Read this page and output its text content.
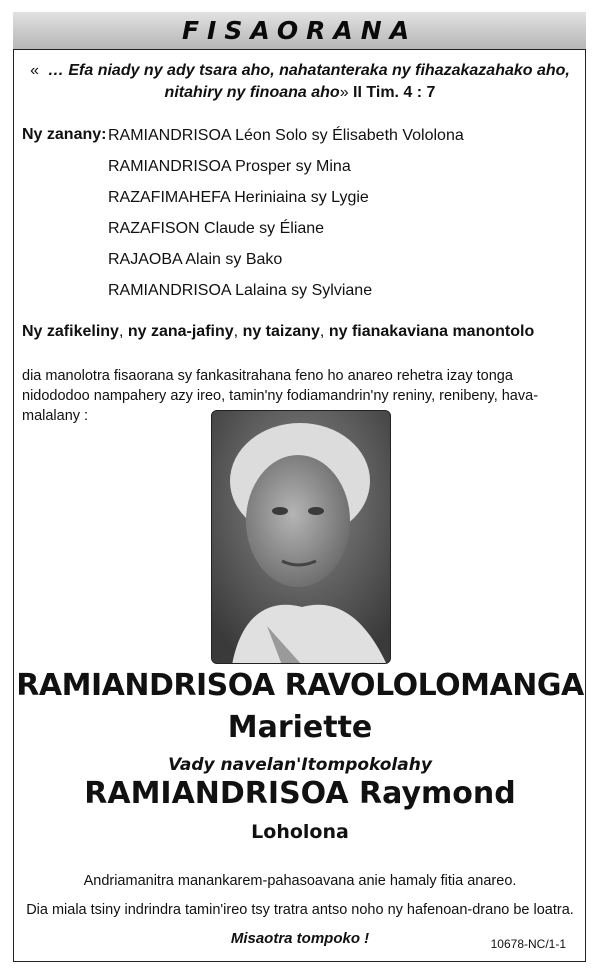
FISAORANA
« … Efa niady ny ady tsara aho, nahatanteraka ny fihazakazahako aho,
nitahiry ny finoana aho» II Tim. 4 : 7
Ny zanany: RAMIANDRISOA Léon Solo sy Élisabeth Vololona
RAMIANDRISOA Prosper sy Mina
RAZAFIMAHEFA Heriniaina sy Lygie
RAZAFISON Claude sy Éliane
RAJAOBA Alain sy Bako
RAMIANDRISOA Lalaina sy Sylviane
Ny zafikeliny, ny zana-jafiny, ny taizany, ny fianakaviana manontolo
dia manolotra fisaorana sy fankasitrahana feno ho anareo rehetra izay tonga nidododoo nampahery azy ireo, tamin'ny fodiamandrin'ny reniny, renibeny, hava-malalany :
RAMIANDRISOA RAVOLOLOMANGA
Mariette
Vady navelan'Itompokolahy
RAMIANDRISOA Raymond
Loholona
Andriamanitra manankarem-pahasoavana anie hamaly fitia anareo.
Dia miala tsiny indrindra tamin'ireo tsy tratra antso noho ny hafenoan-drano be loatra.
Misaotra tompoko !	10678-NC/1-1
